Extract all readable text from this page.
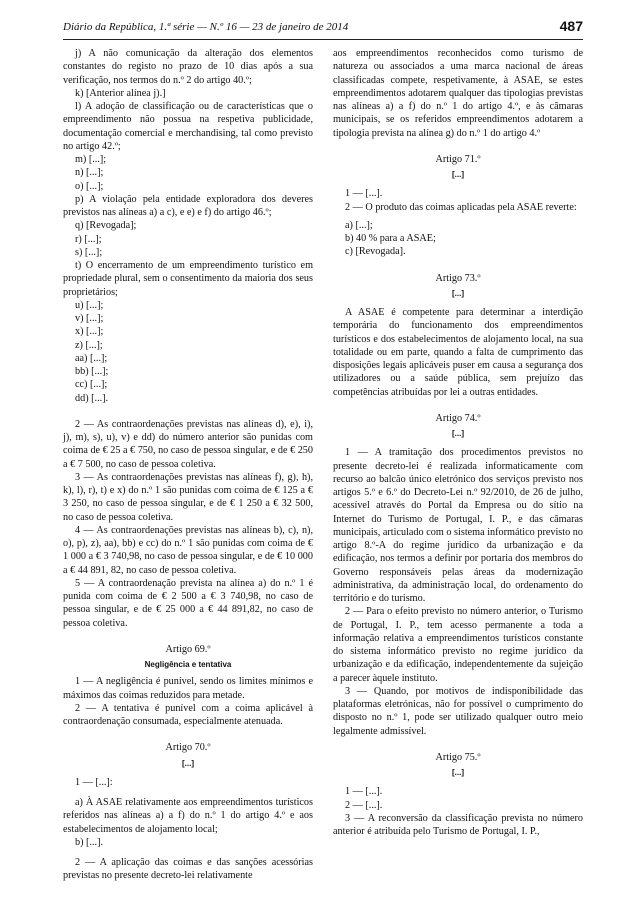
Diário da República, 1.ª série — N.º 16 — 23 de janeiro de 2014	487

j) A não comunicação da alteração dos elementos constantes do registo no prazo de 10 dias após a sua verificação, nos termos do n.º 2 do artigo 40.º;

k) [Anterior alínea j).]

l) A adoção de classificação ou de características que o empreendimento não possua na respetiva publicidade, documentação comercial e merchandising, tal como previsto no artigo 42.º;

m) [...];

n) [...];

o) [...];

p) A violação pela entidade exploradora dos deveres previstos nas alíneas a) a c), e e) e f) do artigo 46.º;

q) [Revogada];

r) [...];

s) [...];

t) O encerramento de um empreendimento turístico em propriedade plural, sem o consentimento da maioria dos seus proprietários;

u) [...];

v) [...];

x) [...];

z) [...];

aa) [...];

bb) [...];

cc) [...];

dd) [...].

2 — As contraordenações previstas nas alíneas d), e), i), j), m), s), u), v) e dd) do número anterior são punidas com coima de € 25 a € 750, no caso de pessoa singular, e de € 250 a € 7 500, no caso de pessoa coletiva.

3 — As contraordenações previstas nas alíneas f), g), h), k), l), r), t) e x) do n.º 1 são punidas com coima de € 125 a € 3 250, no caso de pessoa singular, e de € 1 250 a € 32 500, no caso de pessoa coletiva.

4 — As contraordenações previstas nas alíneas b), c), n), o), p), z), aa), bb) e cc) do n.º 1 são punidas com coima de € 1 000 a € 3 740,98, no caso de pessoa singular, e de € 10 000 a € 44 891, 82, no caso de pessoa coletiva.

5 — A contraordenação prevista na alínea a) do n.º 1 é punida com coima de € 2 500 a € 3 740,98, no caso de pessoa singular, e de € 25 000 a € 44 891,82, no caso de pessoa coletiva.

Artigo 69.º

Negligência e tentativa

1 — A negligência é punível, sendo os limites mínimos e máximos das coimas reduzidos para metade.

2 — A tentativa é punível com a coima aplicável à contraordenação consumada, especialmente atenuada.

Artigo 70.º

[...]

1 — [...]:

a) À ASAE relativamente aos empreendimentos turísticos referidos nas alíneas a) a f) do n.º 1 do artigo 4.º e aos estabelecimentos de alojamento local;

b) [...].

2 — A aplicação das coimas e das sanções acessórias previstas no presente decreto-lei relativamente

aos empreendimentos reconhecidos como turismo de natureza ou associados a uma marca nacional de áreas classificadas compete, respetivamente, à ASAE, se estes empreendimentos adotarem qualquer das tipologias previstas nas alíneas a) a f) do n.º 1 do artigo 4.º, e às câmaras municipais, se os referidos empreendimentos adotarem a tipologia prevista na alínea g) do n.º 1 do artigo 4.º

Artigo 71.º

[...]

1 — [...].

2 — O produto das coimas aplicadas pela ASAE reverte:

a) [...];

b) 40 % para a ASAE;

c) [Revogada].

Artigo 73.º

[...]

A ASAE é competente para determinar a interdição temporária do funcionamento dos empreendimentos turísticos e dos estabelecimentos de alojamento local, na sua totalidade ou em parte, quando a falta de cumprimento das disposições legais aplicáveis puser em causa a segurança dos utilizadores ou a saúde pública, sem prejuízo das competências atribuídas por lei a outras entidades.

Artigo 74.º

[...]

1 — A tramitação dos procedimentos previstos no presente decreto-lei é realizada informaticamente com recurso ao balcão único eletrónico dos serviços previsto nos artigos 5.º e 6.º do Decreto-Lei n.º 92/2010, de 26 de julho, acessível através do Portal da Empresa ou do sítio na Internet do Turismo de Portugal, I. P., e das câmaras municipais, articulado com o sistema informático previsto no artigo 8.º-A do regime jurídico da urbanização e da edificação, nos termos a definir por portaria dos membros do Governo responsáveis pelas áreas da modernização administrativa, da administração local, do ordenamento do território e do turismo.

2 — Para o efeito previsto no número anterior, o Turismo de Portugal, I. P., tem acesso permanente a toda a informação relativa a empreendimentos turísticos constante do sistema informático previsto no regime jurídico da urbanização e da edificação, independentemente da sujeição a parecer àquele instituto.

3 — Quando, por motivos de indisponibilidade das plataformas eletrónicas, não for possível o cumprimento do disposto no n.º 1, pode ser utilizado qualquer outro meio legalmente admissível.

Artigo 75.º

[...]

1 — [...].

2 — [...].

3 — A reconversão da classificação prevista no número anterior é atribuída pelo Turismo de Portugal, I. P.,
